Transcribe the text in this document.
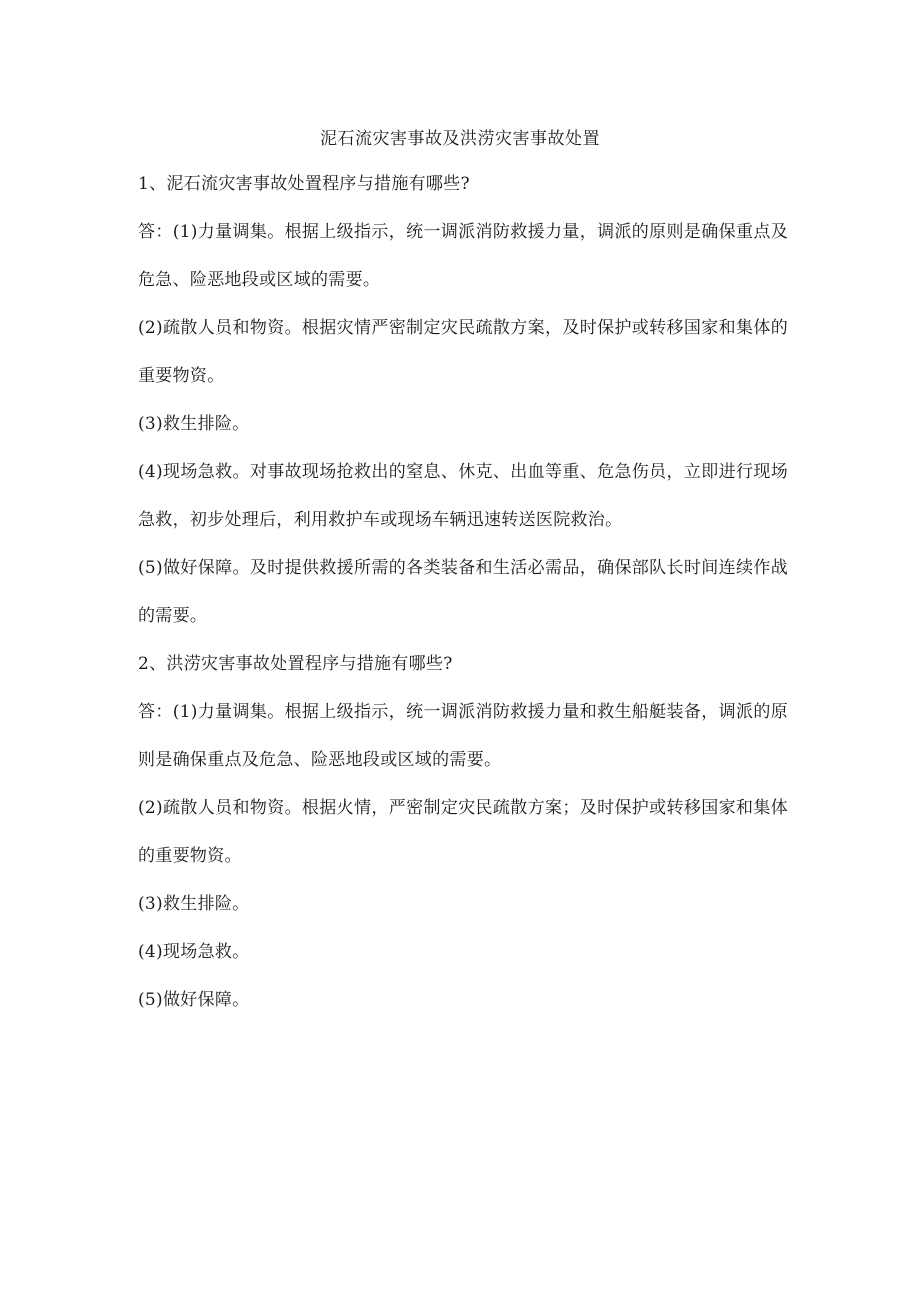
泥石流灾害事故及洪涝灾害事故处置

1、泥石流灾害事故处置程序与措施有哪些?

答：(1)力量调集。根据上级指示，统一调派消防救援力量，调派的原则是确保重点及危急、险恶地段或区域的需要。

(2)疏散人员和物资。根据灾情严密制定灾民疏散方案，及时保护或转移国家和集体的重要物资。

(3)救生排险。

(4)现场急救。对事故现场抢救出的窒息、休克、出血等重、危急伤员，立即进行现场急救，初步处理后，利用救护车或现场车辆迅速转送医院救治。

(5)做好保障。及时提供救援所需的各类装备和生活必需品，确保部队长时间连续作战的需要。

2、洪涝灾害事故处置程序与措施有哪些?

答：(1)力量调集。根据上级指示，统一调派消防救援力量和救生船艇装备，调派的原则是确保重点及危急、险恶地段或区域的需要。

(2)疏散人员和物资。根据火情，严密制定灾民疏散方案；及时保护或转移国家和集体的重要物资。

(3)救生排险。

(4)现场急救。

(5)做好保障。
